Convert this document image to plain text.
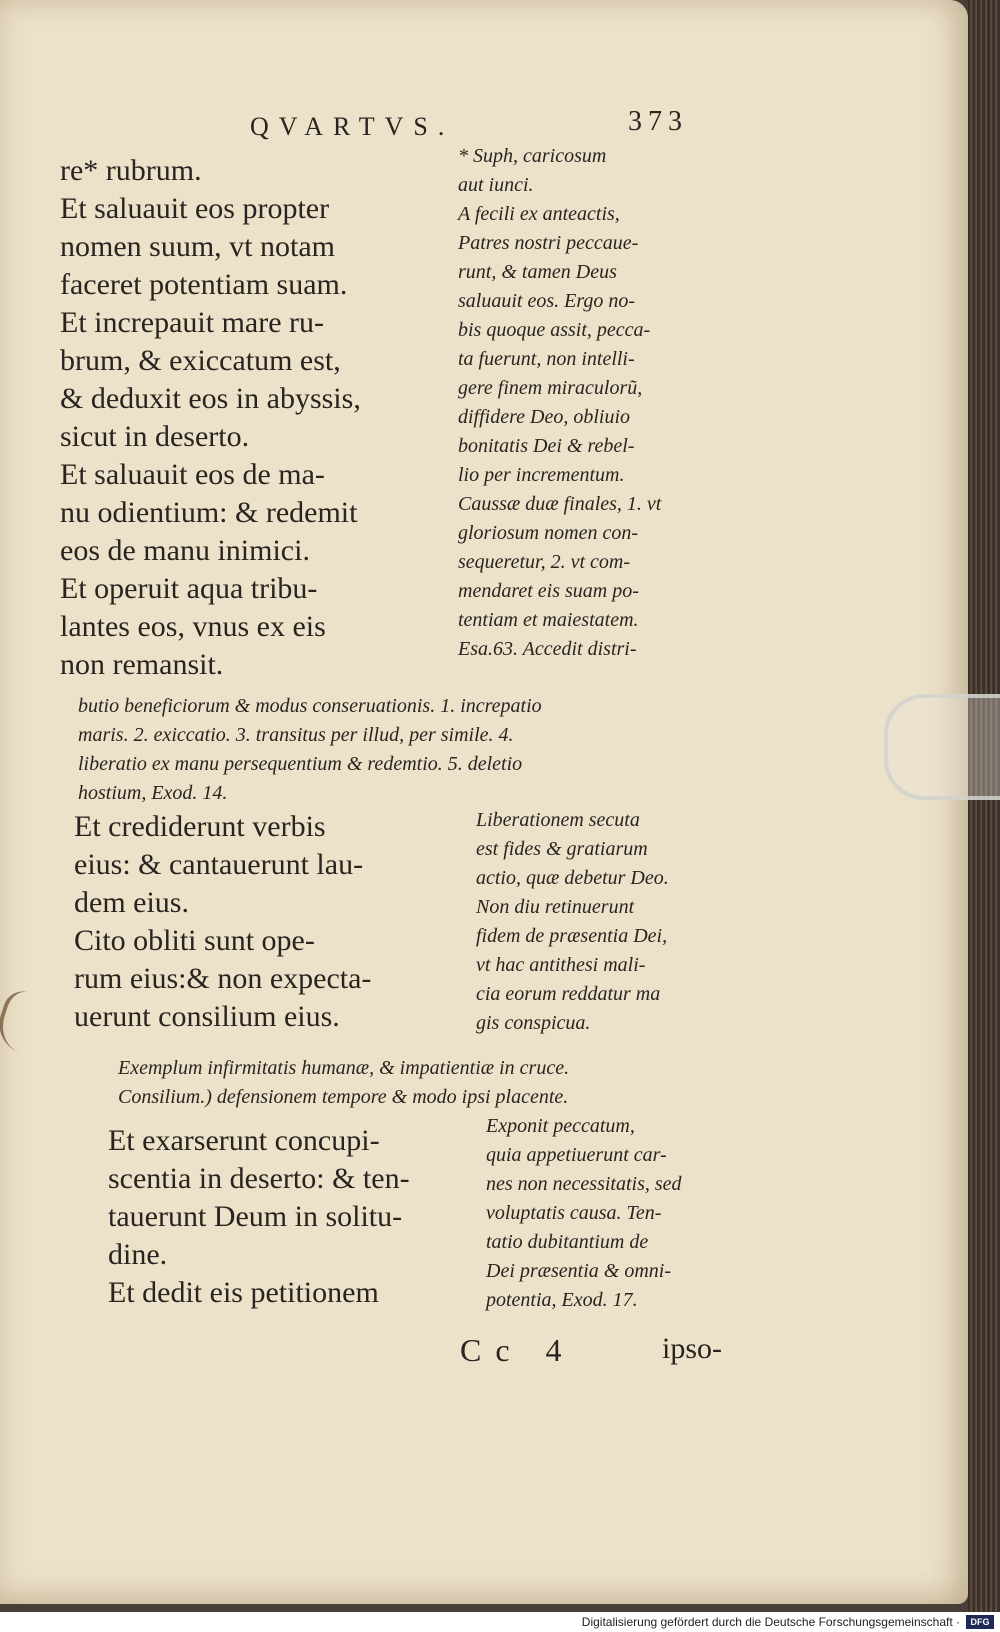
QVARTVS.	373
re* rubrum.
Et saluauit eos propter
nomen suum, vt notam
faceret potentiam suam.
Et increpauit mare ru-
brum, & exiccatum est,
& deduxit eos in abyssis,
sicut in deserto.
Et saluauit eos de ma-
nu odientium: & redemit
eos de manu inimici.
Et operuit aqua tribu-
lantes eos, vnus ex eis
non remansit.
* Suph, caricosum
aut iunci.
A fecili ex anteactis,
Patres nostri peccaue-
runt, & tamen Deus
saluauit eos. Ergo no-
bis quoque assit, pecca-
ta fuerunt, non intelli-
gere finem miraculorũ,
diffidere Deo, obliuio
bonitatis Dei & rebel-
lio per incrementum.
Caussæ duæ finales, 1. vt
gloriosum nomen con-
sequeretur, 2. vt com-
mendaret eis suam po-
tentiam et maiestatem.
Esa.63. Accedit distri-
butio beneficiorum & modus conseruationis. 1. increpatio
maris. 2. exiccatio. 3. transitus per illud, per simile. 4.
liberatio ex manu persequentium & redemtio. 5. deletio
hostium, Exod. 14.
Et crediderunt verbis
eius: & cantauerunt lau-
dem eius.
Cito obliti sunt ope-
rum eius:& non expecta-
uerunt consilium eius.
Liberationem secuta
est fides & gratiarum
actio, quæ debetur Deo.
Non diu retinuerunt
fidem de præsentia Dei,
vt hac antithesi mali-
cia eorum reddatur ma
gis conspicua.
Exemplum infirmitatis humanæ, & impatientiæ in cruce.
Consilium.) defensionem tempore & modo ipsi placente.
Et exarserunt concupi-
scentia in deserto: & ten-
tauerunt Deum in solitu-
dine.
Et dedit eis petitionem
Exponit peccatum,
quia appetiuerunt car-
nes non necessitatis, sed
voluptatis causa. Ten-
tatio dubitantium de
Dei præsentia & omni-
potentia, Exod. 17.
Cc 4	ipso-
Digitalisierung gefördert durch die Deutsche Forschungsgemeinschaft ·	DFG
